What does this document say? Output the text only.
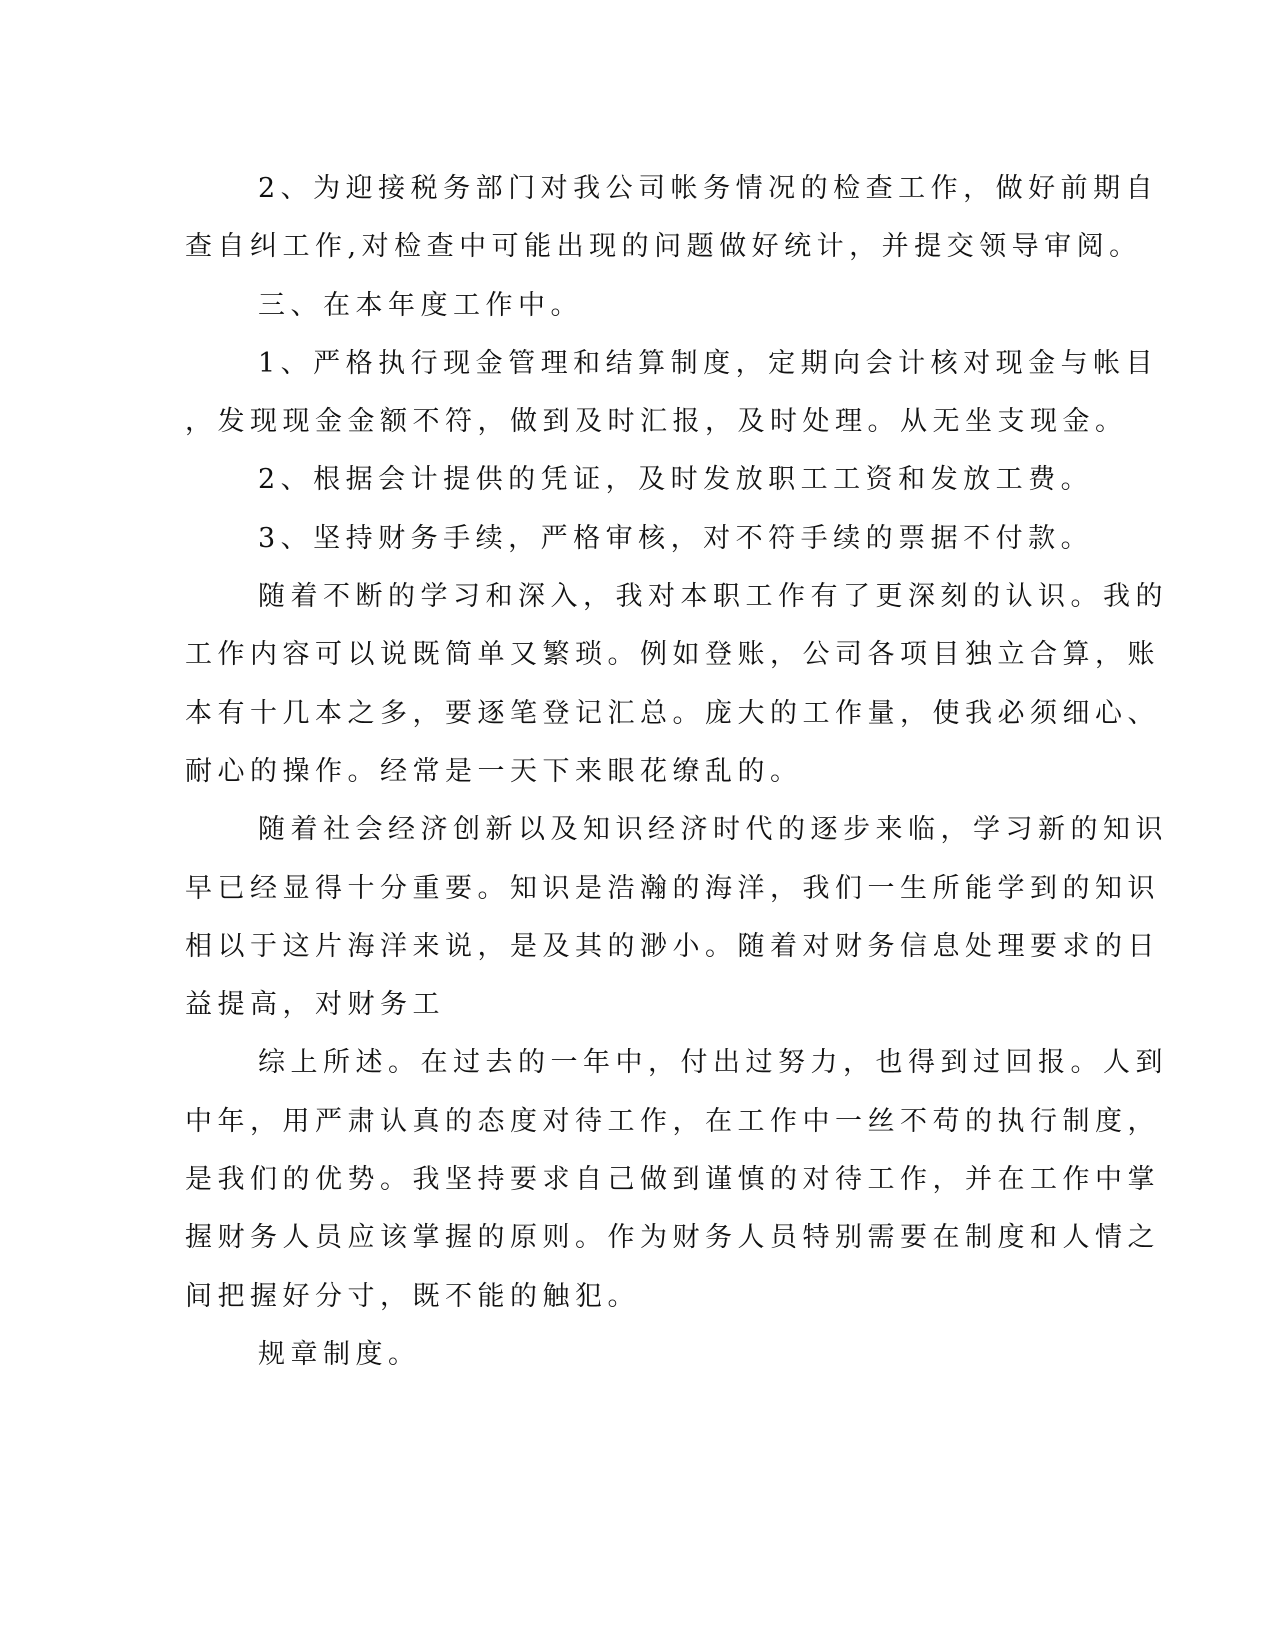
2、为迎接税务部门对我公司帐务情况的检查工作，做好前期自
查自纠工作,对检查中可能出现的问题做好统计，并提交领导审阅。
三、在本年度工作中。
1、严格执行现金管理和结算制度，定期向会计核对现金与帐目
，发现现金金额不符，做到及时汇报，及时处理。从无坐支现金。
2、根据会计提供的凭证，及时发放职工工资和发放工费。
3、坚持财务手续，严格审核，对不符手续的票据不付款。
随着不断的学习和深入，我对本职工作有了更深刻的认识。我的
工作内容可以说既简单又繁琐。例如登账，公司各项目独立合算，账
本有十几本之多，要逐笔登记汇总。庞大的工作量，使我必须细心、
耐心的操作。经常是一天下来眼花缭乱的。
随着社会经济创新以及知识经济时代的逐步来临，学习新的知识
早已经显得十分重要。知识是浩瀚的海洋，我们一生所能学到的知识
相以于这片海洋来说，是及其的渺小。随着对财务信息处理要求的日
益提高，对财务工
综上所述。在过去的一年中，付出过努力，也得到过回报。人到
中年，用严肃认真的态度对待工作，在工作中一丝不苟的执行制度，
是我们的优势。我坚持要求自己做到谨慎的对待工作，并在工作中掌
握财务人员应该掌握的原则。作为财务人员特别需要在制度和人情之
间把握好分寸，既不能的触犯。
规章制度。
